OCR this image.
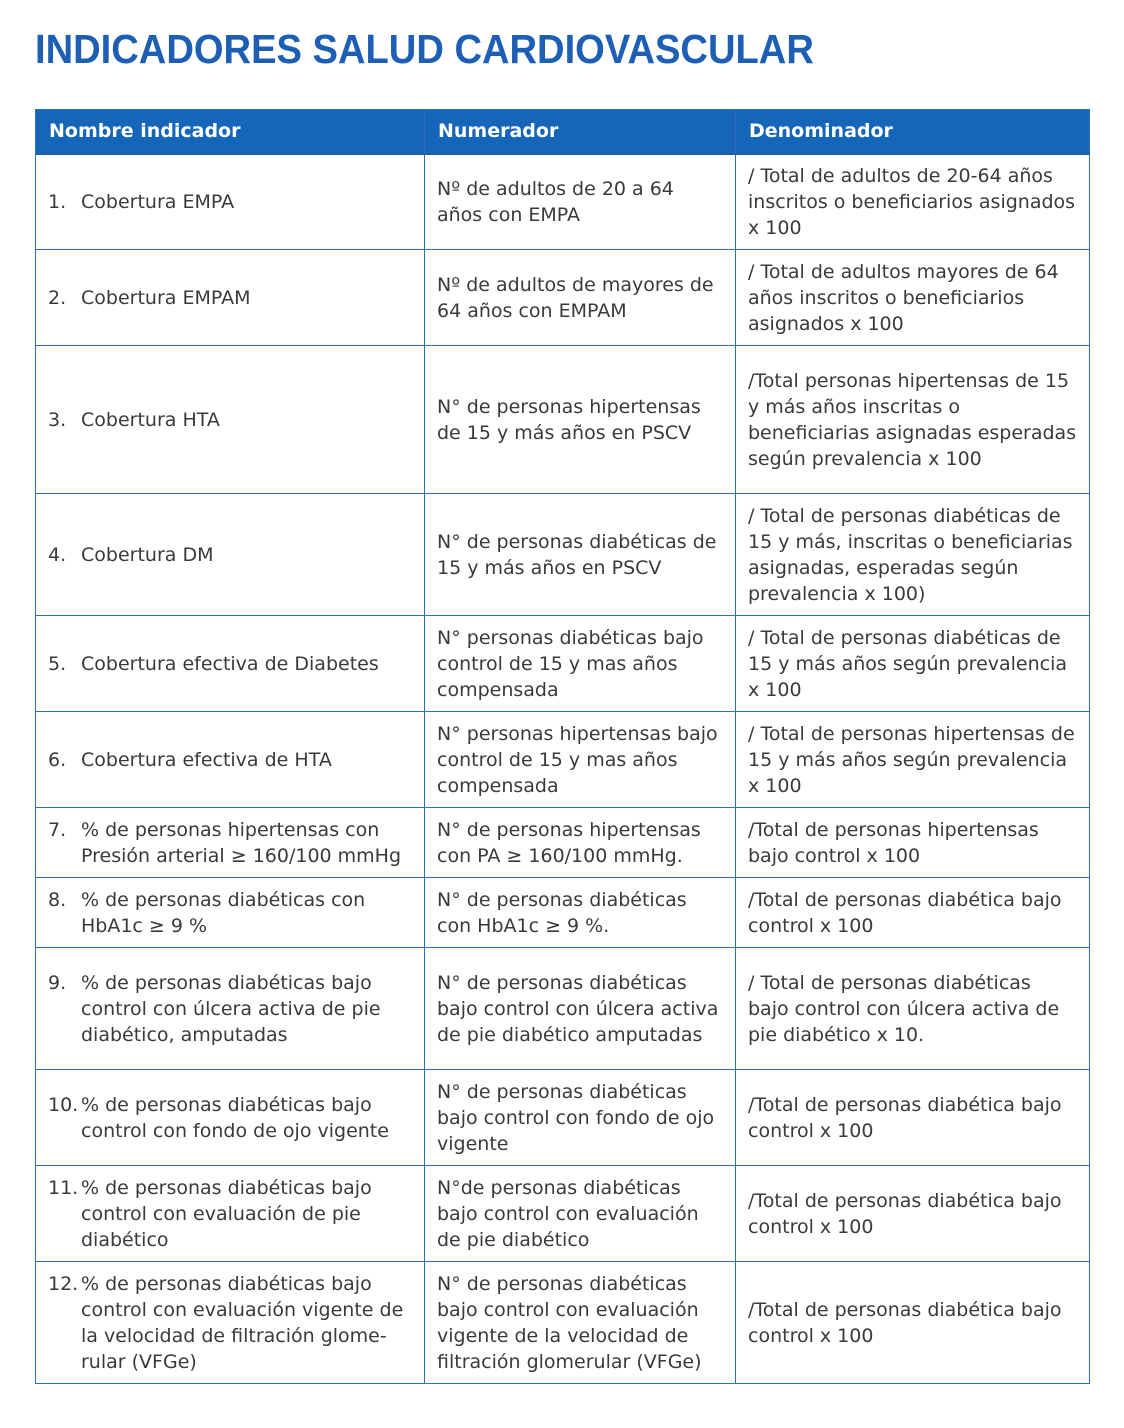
INDICADORES SALUD CARDIOVASCULAR
Nombre indicador	Numerador	Denominador

1. Cobertura EMPA	Nº de adultos de 20 a 64 años con EMPA	/ Total de adultos de 20-64 años inscritos o beneficiarios asignados x 100

2. Cobertura EMPAM	Nº de adultos de mayores de 64 años con EMPAM	/ Total de adultos mayores de 64 años inscritos o beneficiarios asignados x 100

3. Cobertura HTA	N° de personas hipertensas de 15 y más años en PSCV	/Total personas hipertensas de 15 y más años inscritas o beneficiarias asignadas esperadas según prevalencia x 100

4. Cobertura DM	N° de personas diabéticas de 15 y más años en PSCV	/ Total de personas diabéticas de 15 y más, inscritas o beneficiarias asignadas, esperadas según prevalencia x 100)

5. Cobertura efectiva de Diabetes	N° personas diabéticas bajo control de 15 y mas años compensada	/ Total de personas diabéticas de 15 y más años según prevalencia x 100

6. Cobertura efectiva de HTA	N° personas hipertensas bajo control de 15 y mas años compensada	/ Total de personas hipertensas de 15 y más años según prevalencia x 100

7. % de personas hipertensas con Presión arterial ≥ 160/100 mmHg	N° de personas hipertensas con PA ≥ 160/100 mmHg.	/Total de personas hipertensas bajo control x 100

8. % de personas diabéticas con HbA1c ≥ 9 %	N° de personas diabéticas con HbA1c ≥ 9 %.	/Total de personas diabética bajo control x 100

9. % de personas diabéticas bajo control con úlcera activa de pie diabético, amputadas	N° de personas diabéticas bajo control con úlcera activa de pie diabético amputadas	/ Total de personas diabéticas bajo control con úlcera activa de pie diabético x 10.

10. % de personas diabéticas bajo control con fondo de ojo vigente	N° de personas diabéticas bajo control con fondo de ojo vigente	/Total de personas diabética bajo control x 100

11. % de personas diabéticas bajo control con evaluación de pie diabético	N°de personas diabéticas bajo control con evaluación de pie diabético	/Total de personas diabética bajo control x 100

12. % de personas diabéticas bajo control con evaluación vigente de la velocidad de filtración glome-rular (VFGe)	N° de personas diabéticas bajo control con evaluación vigente de la velocidad de filtración glomerular (VFGe)	/Total de personas diabética bajo control x 100
